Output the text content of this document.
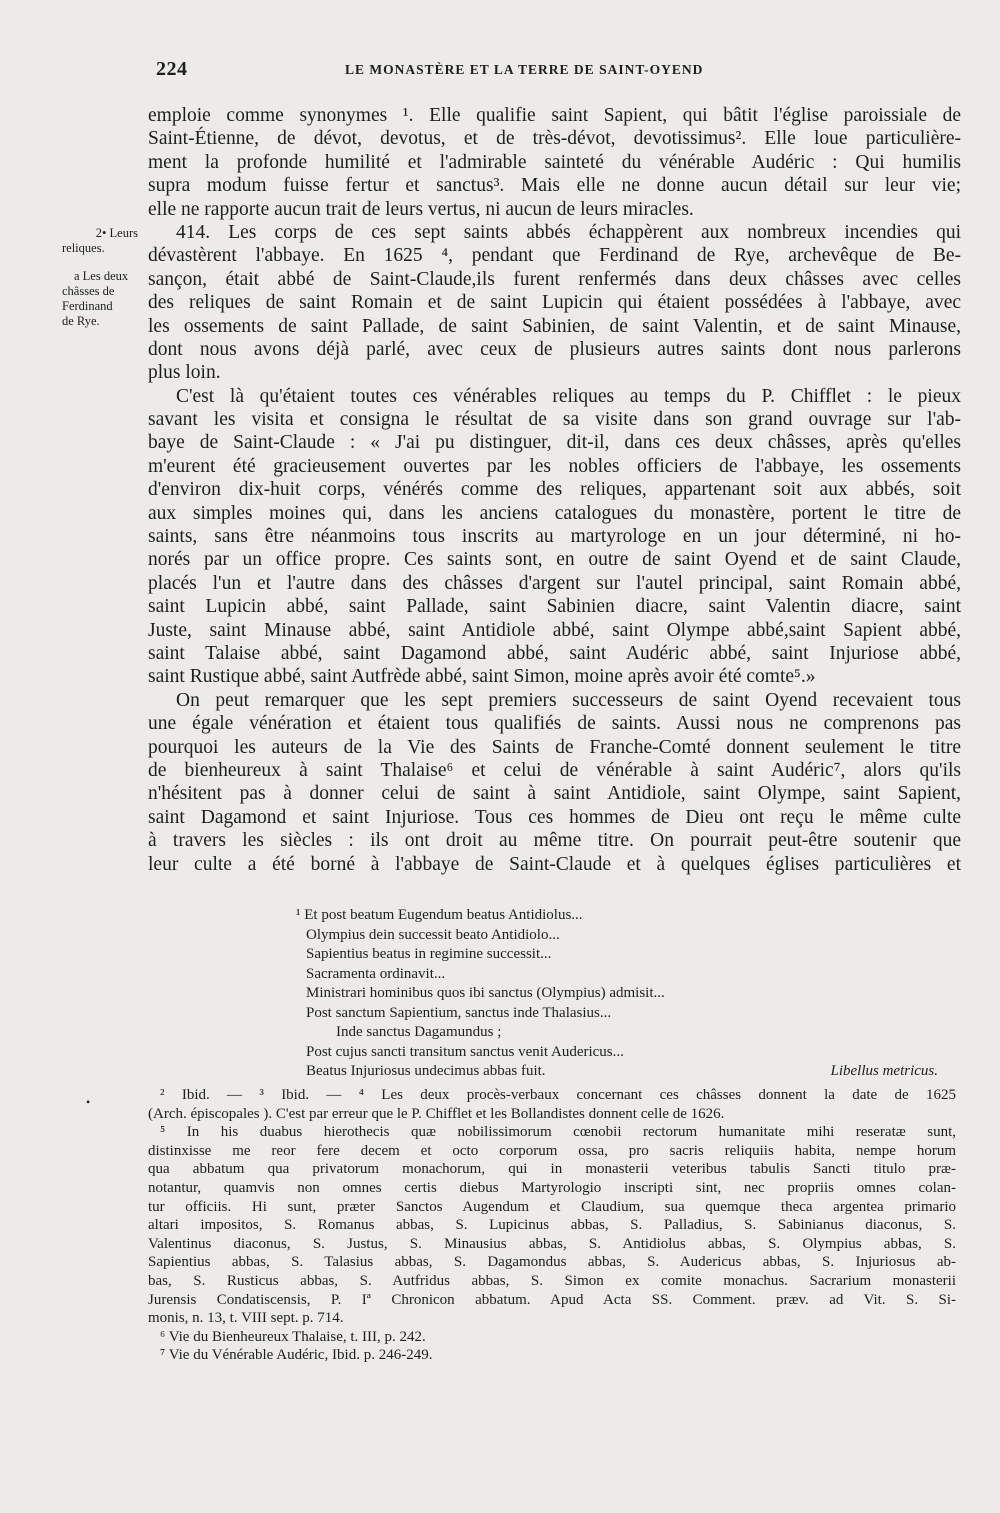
224	LE MONASTÈRE ET LA TERRE DE SAINT-OYEND
2• Leurs
reliques.
a Les deux
châsses de
Ferdinand
de Rye.
emploie comme synonymes ¹. Elle qualifie saint Sapient, qui bâtit l'église paroissiale de
Saint-Étienne, de dévot, devotus, et de très-dévot, devotissimus². Elle loue particulière-
ment la profonde humilité et l'admirable sainteté du vénérable Audéric : Qui humilis
supra modum fuisse fertur et sanctus³. Mais elle ne donne aucun détail sur leur vie;
elle ne rapporte aucun trait de leurs vertus, ni aucun de leurs miracles.
414. Les corps de ces sept saints abbés échappèrent aux nombreux incendies qui
dévastèrent l'abbaye. En 1625 ⁴, pendant que Ferdinand de Rye, archevêque de Be-
sançon, était abbé de Saint-Claude,ils furent renfermés dans deux châsses avec celles
des reliques de saint Romain et de saint Lupicin qui étaient possédées à l'abbaye, avec
les ossements de saint Pallade, de saint Sabinien, de saint Valentin, et de saint Minause,
dont nous avons déjà parlé, avec ceux de plusieurs autres saints dont nous parlerons
plus loin.
C'est là qu'étaient toutes ces vénérables reliques au temps du P. Chifflet : le pieux
savant les visita et consigna le résultat de sa visite dans son grand ouvrage sur l'ab-
baye de Saint-Claude : « J'ai pu distinguer, dit-il, dans ces deux châsses, après qu'elles
m'eurent été gracieusement ouvertes par les nobles officiers de l'abbaye, les ossements
d'environ dix-huit corps, vénérés comme des reliques, appartenant soit aux abbés, soit
aux simples moines qui, dans les anciens catalogues du monastère, portent le titre de
saints, sans être néanmoins tous inscrits au martyrologe en un jour déterminé, ni ho-
norés par un office propre. Ces saints sont, en outre de saint Oyend et de saint Claude,
placés l'un et l'autre dans des châsses d'argent sur l'autel principal, saint Romain abbé,
saint Lupicin abbé, saint Pallade, saint Sabinien diacre, saint Valentin diacre, saint
Juste, saint Minause abbé, saint Antidiole abbé, saint Olympe abbé,saint Sapient abbé,
saint Talaise abbé, saint Dagamond abbé, saint Audéric abbé, saint Injuriose abbé,
saint Rustique abbé, saint Autfrède abbé, saint Simon, moine après avoir été comte⁵.»
On peut remarquer que les sept premiers successeurs de saint Oyend recevaient tous
une égale vénération et étaient tous qualifiés de saints. Aussi nous ne comprenons pas
pourquoi les auteurs de la Vie des Saints de Franche-Comté donnent seulement le titre
de bienheureux à saint Thalaise⁶ et celui de vénérable à saint Audéric⁷, alors qu'ils
n'hésitent pas à donner celui de saint à saint Antidiole, saint Olympe, saint Sapient,
saint Dagamond et saint Injuriose. Tous ces hommes de Dieu ont reçu le même culte
à travers les siècles : ils ont droit au même titre. On pourrait peut-être soutenir que
leur culte a été borné à l'abbaye de Saint-Claude et à quelques églises particulières et
¹ Et post beatum Eugendum beatus Antidiolus...
Olympius dein successit beato Antidiolo...
Sapientius beatus in regimine successit...
Sacramenta ordinavit...
Ministrari hominibus quos ibi sanctus (Olympius) admisit...
Post sanctum Sapientium, sanctus inde Thalasius...
Inde sanctus Dagamundus ;
Post cujus sancti transitum sanctus venit Audericus...
Beatus Injuriosus undecimus abbas fuit.	Libellus metricus.
•	² Ibid. — ³ Ibid. — ⁴ Les deux procès-verbaux concernant ces châsses donnent la date de 1625
(Arch. épiscopales ). C'est par erreur que le P. Chifflet et les Bollandistes donnent celle de 1626.
⁵ In his duabus hierothecis quæ nobilissimorum cœnobii rectorum humanitate mihi reseratæ sunt,
distinxisse me reor fere decem et octo corporum ossa, pro sacris reliquiis habita, nempe horum
qua abbatum qua privatorum monachorum, qui in monasterii veteribus tabulis Sancti titulo præ-
notantur, quamvis non omnes certis diebus Martyrologio inscripti sint, nec propriis omnes colan-
tur officiis. Hi sunt, præter Sanctos Augendum et Claudium, sua quemque theca argentea primario
altari impositos, S. Romanus abbas, S. Lupicinus abbas, S. Palladius, S. Sabinianus diaconus, S.
Valentinus diaconus, S. Justus, S. Minausius abbas, S. Antidiolus abbas, S. Olympius abbas, S.
Sapientius abbas, S. Talasius abbas, S. Dagamondus abbas, S. Audericus abbas, S. Injuriosus ab-
bas, S. Rusticus abbas, S. Autfridus abbas, S. Simon ex comite monachus. Sacrarium monasterii
Jurensis Condatiscensis, P. Iª Chronicon abbatum. Apud Acta SS. Comment. præv. ad Vit. S. Si-
monis, n. 13, t. VIII sept. p. 714.
⁶ Vie du Bienheureux Thalaise, t. III, p. 242.
⁷ Vie du Vénérable Audéric, Ibid. p. 246-249.
